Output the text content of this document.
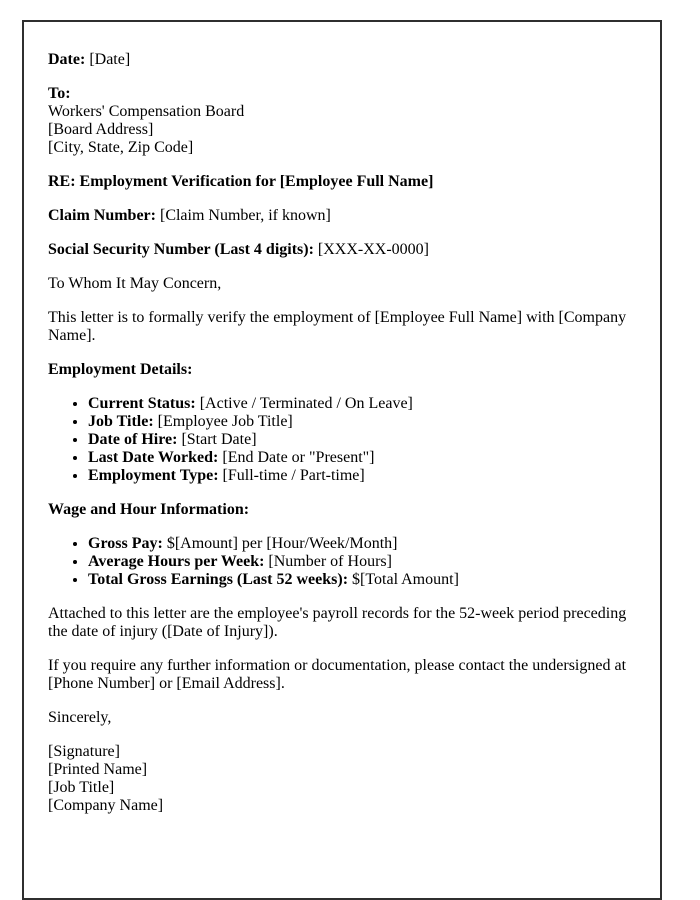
Date: [Date]

To:
Workers' Compensation Board
[Board Address]
[City, State, Zip Code]

RE: Employment Verification for [Employee Full Name]

Claim Number: [Claim Number, if known]

Social Security Number (Last 4 digits): [XXX-XX-0000]

To Whom It May Concern,

This letter is to formally verify the employment of [Employee Full Name] with [Company Name].

Employment Details:

• Current Status: [Active / Terminated / On Leave]
• Job Title: [Employee Job Title]
• Date of Hire: [Start Date]
• Last Date Worked: [End Date or "Present"]
• Employment Type: [Full-time / Part-time]

Wage and Hour Information:

• Gross Pay: $[Amount] per [Hour/Week/Month]
• Average Hours per Week: [Number of Hours]
• Total Gross Earnings (Last 52 weeks): $[Total Amount]

Attached to this letter are the employee's payroll records for the 52-week period preceding the date of injury ([Date of Injury]).

If you require any further information or documentation, please contact the undersigned at [Phone Number] or [Email Address].

Sincerely,

[Signature]
[Printed Name]
[Job Title]
[Company Name]
